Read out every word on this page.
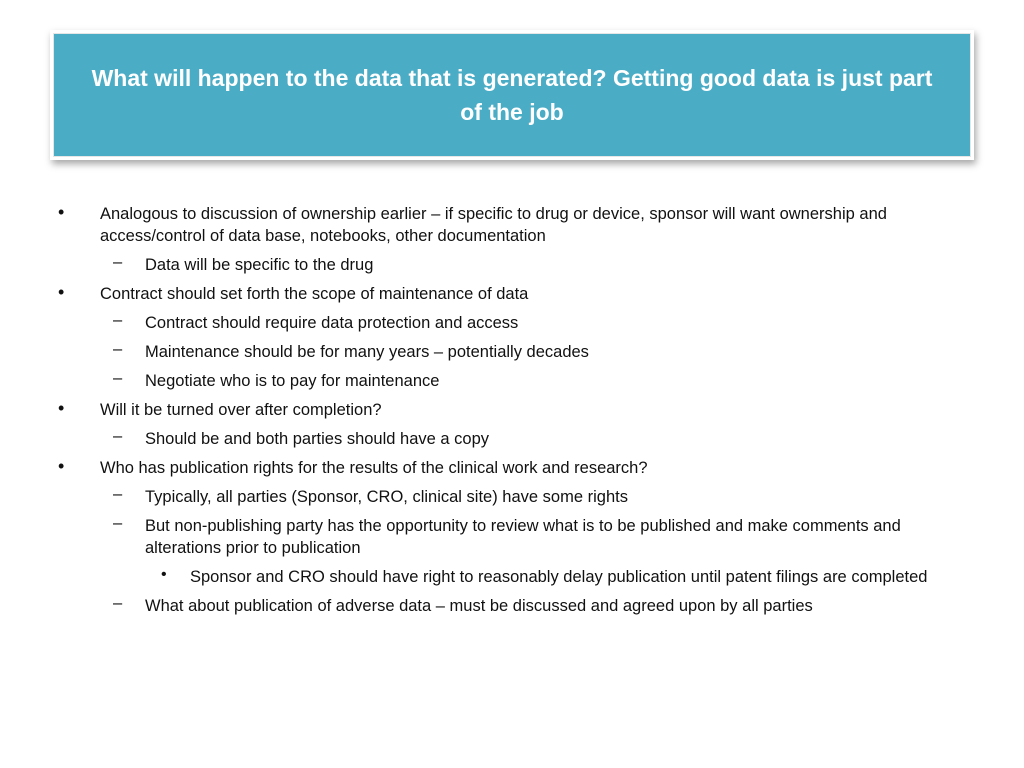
What will happen to the data that is generated? Getting good data is just part of the job

• Analogous to discussion of ownership earlier – if specific to drug or device, sponsor will want ownership and access/control of data base, notebooks, other documentation
– Data will be specific to the drug
• Contract should set forth the scope of maintenance of data
– Contract should require data protection and access
– Maintenance should be for many years – potentially decades
– Negotiate who is to pay for maintenance
• Will it be turned over after completion?
– Should be and both parties should have a copy
• Who has publication rights for the results of the clinical work and research?
– Typically, all parties (Sponsor, CRO, clinical site) have some rights
– But non-publishing party has the opportunity to review what is to be published and make comments and alterations prior to publication
• Sponsor and CRO should have right to reasonably delay publication until patent filings are completed
– What about publication of adverse data – must be discussed and agreed upon by all parties
